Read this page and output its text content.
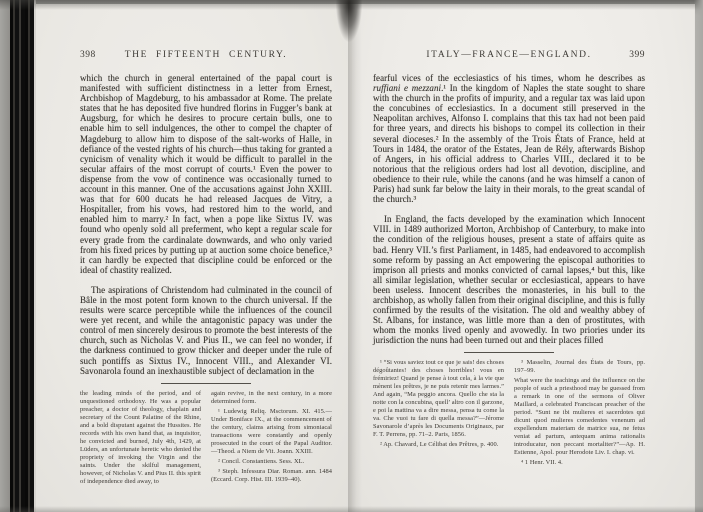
398	THE FIFTEENTH CENTURY.

which the church in general entertained of the papal court is manifested with sufficient distinctness in a letter from Ernest, Archbishop of Magdeburg, to his ambassador at Rome. The prelate states that he has deposited five hundred florins in Fugger’s bank at Augsburg, for which he desires to procure certain bulls, one to enable him to sell indulgences, the other to compel the chapter of Magdeburg to allow him to dispose of the salt-works of Halle, in defiance of the vested rights of his church—thus taking for granted a cynicism of venality which it would be difficult to parallel in the secular affairs of the most corrupt of courts.¹ Even the power to dispense from the vow of continence was occasionally turned to account in this manner. One of the accusations against John XXIII. was that for 600 ducats he had released Jacques de Vitry, a Hospitaller, from his vows, had restored him to the world, and enabled him to marry.² In fact, when a pope like Sixtus IV. was found who openly sold all preferment, who kept a regular scale for every grade from the cardinalate downwards, and who only varied from his fixed prices by putting up at auction some choice benefice,³ it can hardly be expected that discipline could be enforced or the ideal of chastity realized.

The aspirations of Christendom had culminated in the council of Bâle in the most potent form known to the church universal. If the results were scarce perceptible while the influences of the council were yet recent, and while the antagonistic papacy was under the control of men sincerely desirous to promote the best interests of the church, such as Nicholas V. and Pius II., we can feel no wonder, if the darkness continued to grow thicker and deeper under the rule of such pontiffs as Sixtus IV., Innocent VIII., and Alexander VI. Savonarola found an inexhaustible subject of declamation in the

the leading minds of the period, and of unquestioned orthodoxy. He was a popular preacher, a doctor of theology, chaplain and secretary of the Count Palatine of the Rhine, and a bold disputant against the Hussites. He records with his own hand that, as inquisitor, he convicted and burned, July 4th, 1429, at Lüders, an unfortunate heretic who denied the propriety of invoking the Virgin and the saints. Under the skilful management, however, of Nicholas V. and Pius II. this spirit of independence died away, to

again revive, in the next century, in a more determined form.

¹ Ludewig Reliq. Msctorum. XI. 415.—Under Boniface IX., at the commencement of the century, claims arising from simoniacal transactions were constantly and openly prosecuted in the court of the Papal Auditor.—Theod. a Niem de Vit. Joann. XXIII.

² Concil. Constantiens. Sess. XL.

³ Steph. Infessura Diar. Roman. ann. 1484 (Eccard. Corp. Hist. III. 1939–40).

ITALY—FRANCE—ENGLAND.	399

fearful vices of the ecclesiastics of his times, whom he describes as ruffiani e mezzani.¹ In the kingdom of Naples the state sought to share with the church in the profits of impurity, and a regular tax was laid upon the concubines of ecclesiastics. In a document still preserved in the Neapolitan archives, Alfonso I. complains that this tax had not been paid for three years, and directs his bishops to compel its collection in their several dioceses.² In the assembly of the Trois États of France, held at Tours in 1484, the orator of the Estates, Jean de Rély, afterwards Bishop of Angers, in his official address to Charles VIII., declared it to be notorious that the religious orders had lost all devotion, discipline, and obedience to their rule, while the canons (and he was himself a canon of Paris) had sunk far below the laity in their morals, to the great scandal of the church.³

In England, the facts developed by the examination which Innocent VIII. in 1489 authorized Morton, Archbishop of Canterbury, to make into the condition of the religious houses, present a state of affairs quite as bad. Henry VII.’s first Parliament, in 1485, had endeavored to accomplish some reform by passing an Act empowering the episcopal authorities to imprison all priests and monks convicted of carnal lapses,⁴ but this, like all similar legislation, whether secular or ecclesiastical, appears to have been useless. Innocent describes the monasteries, in his bull to the archbishop, as wholly fallen from their original discipline, and this is fully confirmed by the results of the visitation. The old and wealthy abbey of St. Albans, for instance, was little more than a den of prostitutes, with whom the monks lived openly and avowedly. In two priories under its jurisdiction the nuns had been turned out and their places filled

¹ “Si vous saviez tout ce que je sais! des choses dégoûtantes! des choses horribles! vous en frémiriez! Quand je pense à tout cela, à la vie que mènent les prêtres, je ne puis retenir mes larmes.” And again, “Ma peggio ancora. Quello che sta la notte con la concubina, quell’ altro con il garzone, e poi la mattina va a dire messa, pensa tu come la va. Che vuoi tu fare di quella messa?”—Jérome Savonarole d’après les Documents Originaux, par F. T. Perrens, pp. 71–2. Paris, 1856.

² Ap. Chavard, Le Célibat des Prêtres, p. 400.

³ Masselin, Journal des États de Tours, pp. 197–99.

What were the teachings and the influence on the people of such a priesthood may be guessed from a remark in one of the sermons of Oliver Maillard, a celebrated Franciscan preacher of the period. “Sunt ne ibi mulieres et sacerdotes qui dicunt quod mulieres comedentes venenum ad expellendum materiam de matrice sua, ne fetus veniat ad partum, antequam anima rationalis introducatur, non peccant mortaliter?”—Ap. H. Estienne, Apol. pour Herodote Liv. I. chap. vi.

⁴ 1 Henr. VII. 4.
